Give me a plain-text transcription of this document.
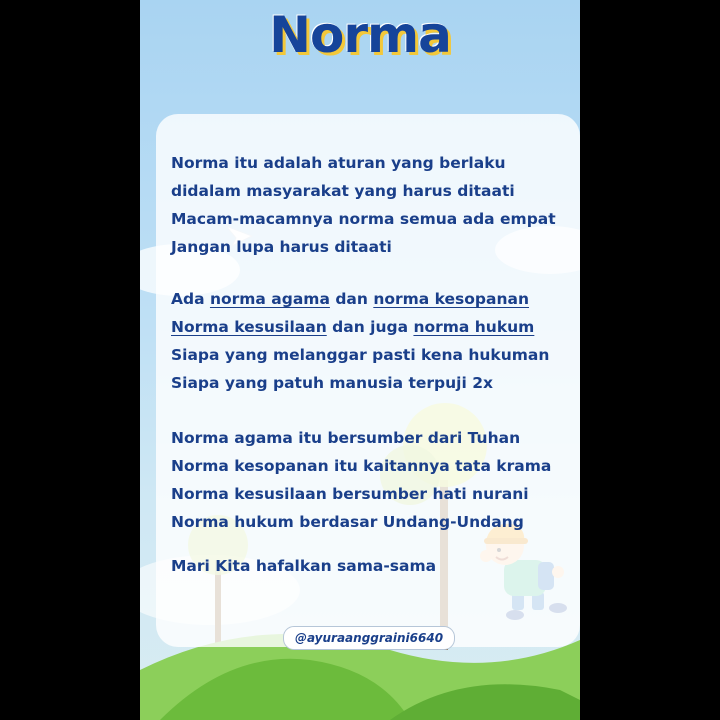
Norma
Norma itu adalah aturan yang berlaku
didalam masyarakat yang harus ditaati
Macam-macamnya norma semua ada empat
Jangan lupa harus ditaati
Ada norma agama dan norma kesopanan
Norma kesusilaan dan juga norma hukum
Siapa yang melanggar pasti kena hukuman
Siapa yang patuh manusia terpuji 2x
Norma agama itu bersumber dari Tuhan
Norma kesopanan itu kaitannya tata krama
Norma kesusilaan bersumber hati nurani
Norma hukum berdasar Undang-Undang
Mari Kita hafalkan sama-sama
@ayuraanggraini6640
